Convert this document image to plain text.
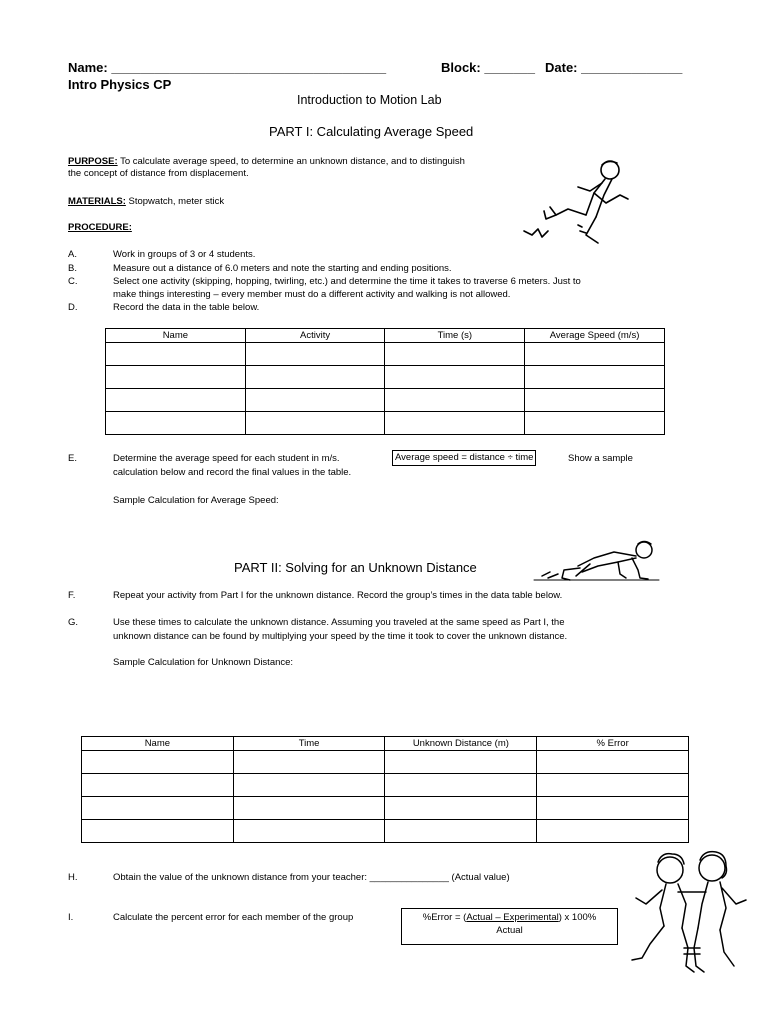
Name: ______________________________________	Block: _______ Date: ______________
Intro Physics CP
Introduction to Motion Lab
PART I: Calculating Average Speed
PURPOSE: To calculate average speed, to determine an unknown distance, and to distinguish
the concept of distance from displacement.
MATERIALS: Stopwatch, meter stick
PROCEDURE:
A.	Work in groups of 3 or 4 students.
B.	Measure out a distance of 6.0 meters and note the starting and ending positions.
C.	Select one activity (skipping, hopping, twirling, etc.) and determine the time it takes to traverse 6 meters. Just to
make things interesting – every member must do a different activity and walking is not allowed.
D.	Record the data in the table below.
Name	Activity	Time (s)	Average Speed (m/s)

E.	Determine the average speed for each student in m/s.	Average speed = distance ÷ time	Show a sample
calculation below and record the final values in the table.
Sample Calculation for Average Speed:
PART II: Solving for an Unknown Distance
F.	Repeat your activity from Part I for the unknown distance. Record the group’s times in the data table below.
G.	Use these times to calculate the unknown distance. Assuming you traveled at the same speed as Part I, the
unknown distance can be found by multiplying your speed by the time it took to cover the unknown distance.
Sample Calculation for Unknown Distance:
Name	Time	Unknown Distance (m)	% Error

H.	Obtain the value of the unknown distance from your teacher: _______________ (Actual value)
I.	Calculate the percent error for each member of the group	%Error = (Actual – Experimental) x 100%
Actual
